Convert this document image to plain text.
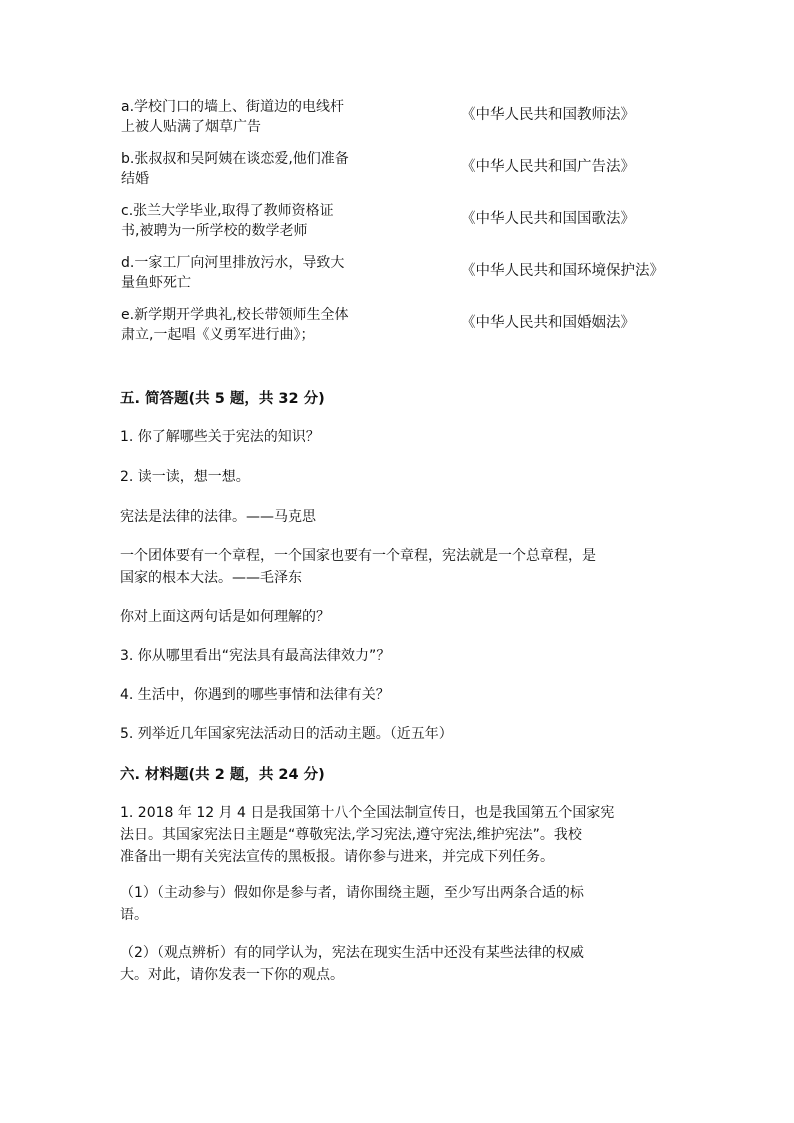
a.学校门口的墙上、街道边的电线杆
上被人贴满了烟草广告
《中华人民共和国教师法》
b.张叔叔和吴阿姨在谈恋爱,他们准备
结婚
《中华人民共和国广告法》
c.张兰大学毕业,取得了教师资格证
书,被聘为一所学校的数学老师
《中华人民共和国国歌法》
d.一家工厂向河里排放污水，导致大
量鱼虾死亡
《中华人民共和国环境保护法》
e.新学期开学典礼,校长带领师生全体
肃立,一起唱《义勇军进行曲》；
《中华人民共和国婚姻法》
五. 简答题(共 5 题，共 32 分)
1. 你了解哪些关于宪法的知识？
2. 读一读，想一想。
宪法是法律的法律。——马克思
一个团体要有一个章程，一个国家也要有一个章程，宪法就是一个总章程，是
国家的根本大法。——毛泽东
你对上面这两句话是如何理解的？
3. 你从哪里看出“宪法具有最高法律效力”？
4. 生活中，你遇到的哪些事情和法律有关？
5. 列举近几年国家宪法活动日的活动主题。（近五年）
六. 材料题(共 2 题，共 24 分)
1. 2018 年 12 月 4 日是我国第十八个全国法制宣传日，也是我国第五个国家宪
法日。其国家宪法日主题是“尊敬宪法,学习宪法,遵守宪法,维护宪法”。我校
准备出一期有关宪法宣传的黑板报。请你参与进来，并完成下列任务。
（1）（主动参与）假如你是参与者，请你围绕主题，至少写出两条合适的标
语。
（2）（观点辨析）有的同学认为，宪法在现实生活中还没有某些法律的权威
大。对此，请你发表一下你的观点。
